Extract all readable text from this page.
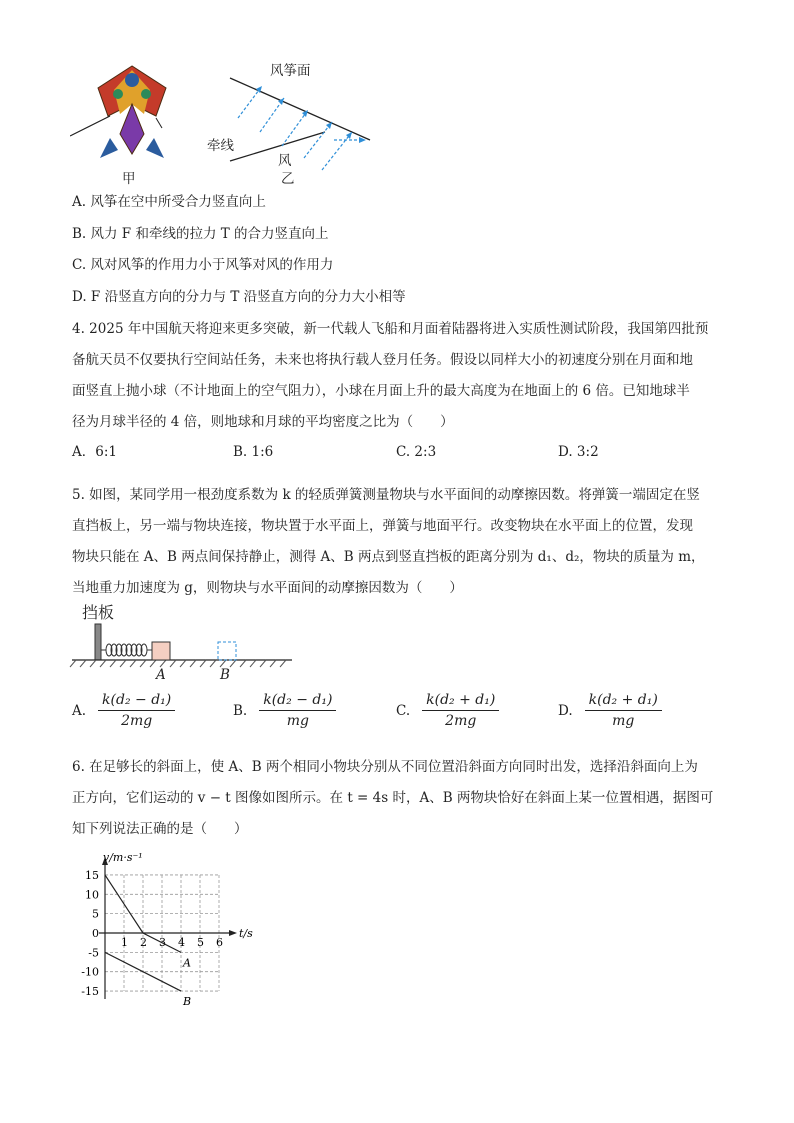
甲
风筝面
牵线
风
乙
A. 风筝在空中所受合力竖直向上
B. 风力 F 和牵线的拉力 T 的合力竖直向上
C. 风对风筝的作用力小于风筝对风的作用力
D. F 沿竖直方向的分力与 T 沿竖直方向的分力大小相等
4. 2025 年中国航天将迎来更多突破，新一代载人飞船和月面着陆器将进入实质性测试阶段，我国第四批预
备航天员不仅要执行空间站任务，未来也将执行载人登月任务。假设以同样大小的初速度分别在月面和地
面竖直上抛小球（不计地面上的空气阻力），小球在月面上升的最大高度为在地面上的 6 倍。已知地球半
径为月球半径的 4 倍，则地球和月球的平均密度之比为（　　）
A．6:1	B. 1:6	C. 2:3	D. 3:2
5. 如图，某同学用一根劲度系数为 k 的轻质弹簧测量物块与水平面间的动摩擦因数。将弹簧一端固定在竖
直挡板上，另一端与物块连接，物块置于水平面上，弹簧与地面平行。改变物块在水平面上的位置，发现
物块只能在 A、B 两点间保持静止，测得 A、B 两点到竖直挡板的距离分别为 d₁、d₂，物块的质量为 m，
当地重力加速度为 g，则物块与水平面间的动摩擦因数为（　　）
挡板
A	B
A. $\frac{\text{k(d₂ − d₁)}}{2mg}$	B. $\frac{\text{k(d₂ − d₁)}}{mg}$	C. $\frac{\text{k(d₂ + d₁)}}{2mg}$	D. $\frac{\text{k(d₂ + d₁)}}{mg}$
6. 在足够长的斜面上，使 A、B 两个相同小物块分别从不同位置沿斜面方向同时出发，选择沿斜面向上为
正方向，它们运动的 v − t 图像如图所示。在 t = 4s 时，A、B 两物块恰好在斜面上某一位置相遇，据图可
知下列说法正确的是（　　）
v/m·s⁻¹
t/s
1 2 3 4 5 6
15
10
5
0
-5
-10
-15
A
B
